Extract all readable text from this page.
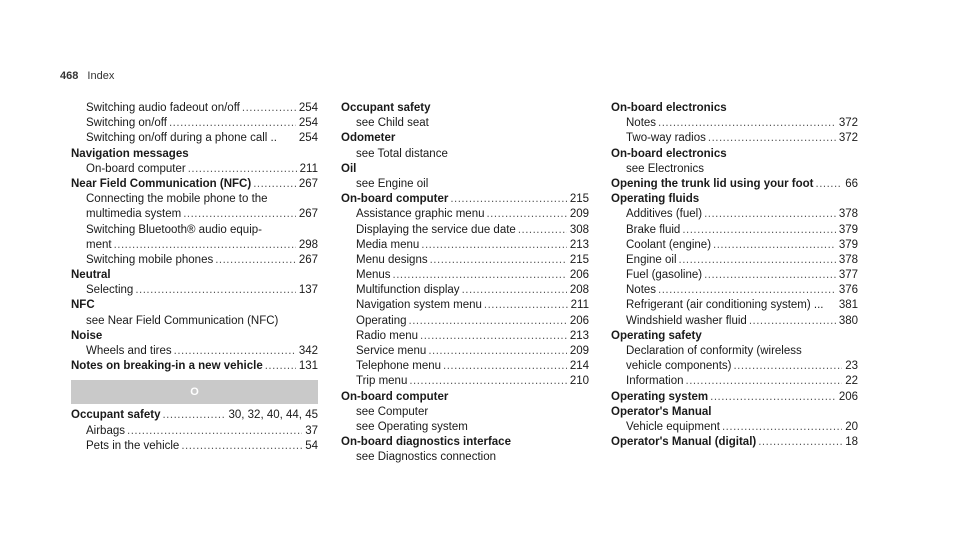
468 Index
Switching audio fadeout on/off .....	254
Switching on/off .....	254
Switching on/off during a phone call .. 254
Navigation messages
On-board computer .....	211
Near Field Communication (NFC) .....	267
Connecting the mobile phone to the
multimedia system .....	267
Switching Bluetooth® audio equip-
ment .....	298
Switching mobile phones .....	267
Neutral
Selecting .....	137
NFC
see Near Field Communication (NFC)
Noise
Wheels and tires .....	342
Notes on breaking-in a new vehicle .....	131
O
Occupant safety .....	30, 32, 40, 44, 45
Airbags .....	37
Pets in the vehicle .....	54
Occupant safety
see Child seat
Odometer
see Total distance
Oil
see Engine oil
On-board computer .....	215
Assistance graphic menu .....	209
Displaying the service due date .....	308
Media menu .....	213
Menu designs .....	215
Menus .....	206
Multifunction display .....	208
Navigation system menu .....	211
Operating .....	206
Radio menu .....	213
Service menu .....	209
Telephone menu .....	214
Trip menu .....	210
On-board computer
see Computer
see Operating system
On-board diagnostics interface
see Diagnostics connection
On-board electronics
Notes .....	372
Two-way radios .....	372
On-board electronics
see Electronics
Opening the trunk lid using your foot .....	66
Operating fluids
Additives (fuel) .....	378
Brake fluid .....	379
Coolant (engine) .....	379
Engine oil .....	378
Fuel (gasoline) .....	377
Notes .....	376
Refrigerant (air conditioning system) ... 381
Windshield washer fluid .....	380
Operating safety
Declaration of conformity (wireless
vehicle components) .....	23
Information .....	22
Operating system .....	206
Operator's Manual
Vehicle equipment .....	20
Operator's Manual (digital) .....	18
